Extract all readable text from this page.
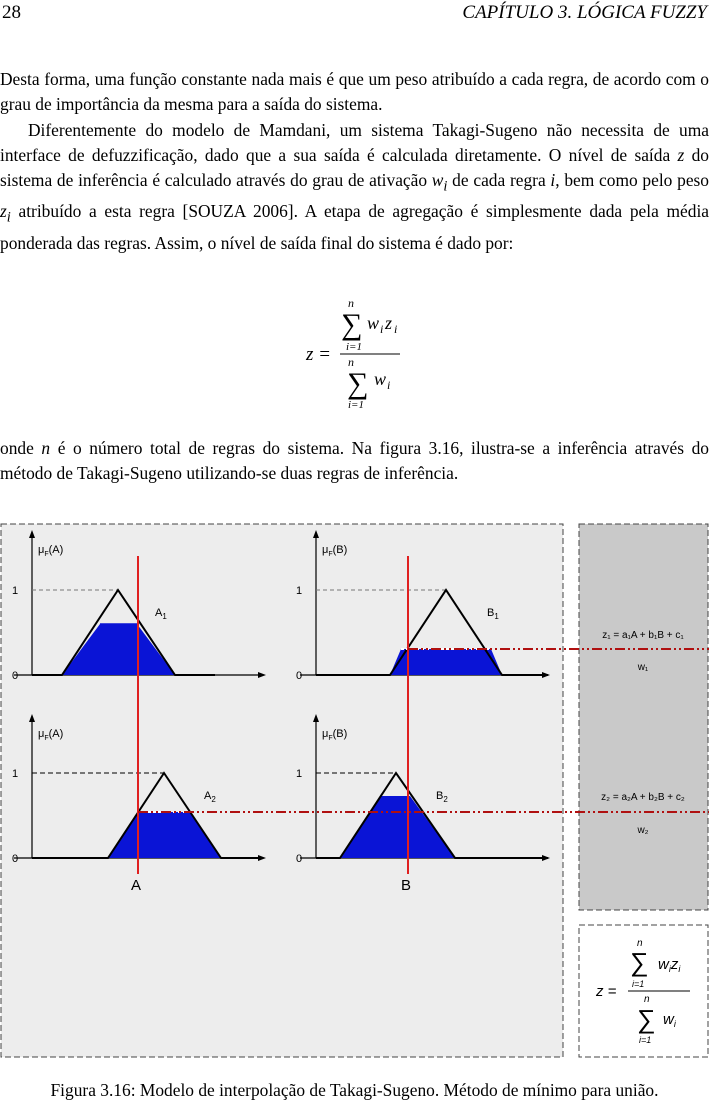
28	CAPÍTULO 3. LÓGICA FUZZY
Desta forma, uma função constante nada mais é que um peso atribuído a cada regra, de acordo com o grau de importância da mesma para a saída do sistema.
Diferentemente do modelo de Mamdani, um sistema Takagi-Sugeno não necessita de uma interface de defuzzificação, dado que a sua saída é calculada diretamente. O nível de saída z do sistema de inferência é calculado através do grau de ativação $w_i$ de cada regra i, bem como pelo peso $z_i$ atribuído a esta regra [SOUZA 2006]. A etapa de agregação é simplesmente dada pela média ponderada das regras. Assim, o nível de saída final do sistema é dado por:
z =
n
∑
i=1
w i z i
n
∑
i=1
w i
onde n é o número total de regras do sistema. Na figura 3.16, ilustra-se a inferência através do método de Takagi-Sugeno utilizando-se duas regras de inferência.
$\mu_F(A)$
1
0
$A_1$
$\mu_F(B)$
1
0
$B_1$
$\mu_F(A)$
1
0
$A_2$
$\mu_F(B)$
1
0
$B_2$
A	B
z₁ = a₁A + b₁B + c₁
w₁
z₂ = a₂A + b₂B + c₂
w₂
z =
n
∑
i=1
$w_iz_i$
n
∑
i=1
$w_i$
Figura 3.16: Modelo de interpolação de Takagi-Sugeno. Método de mínimo para união.
